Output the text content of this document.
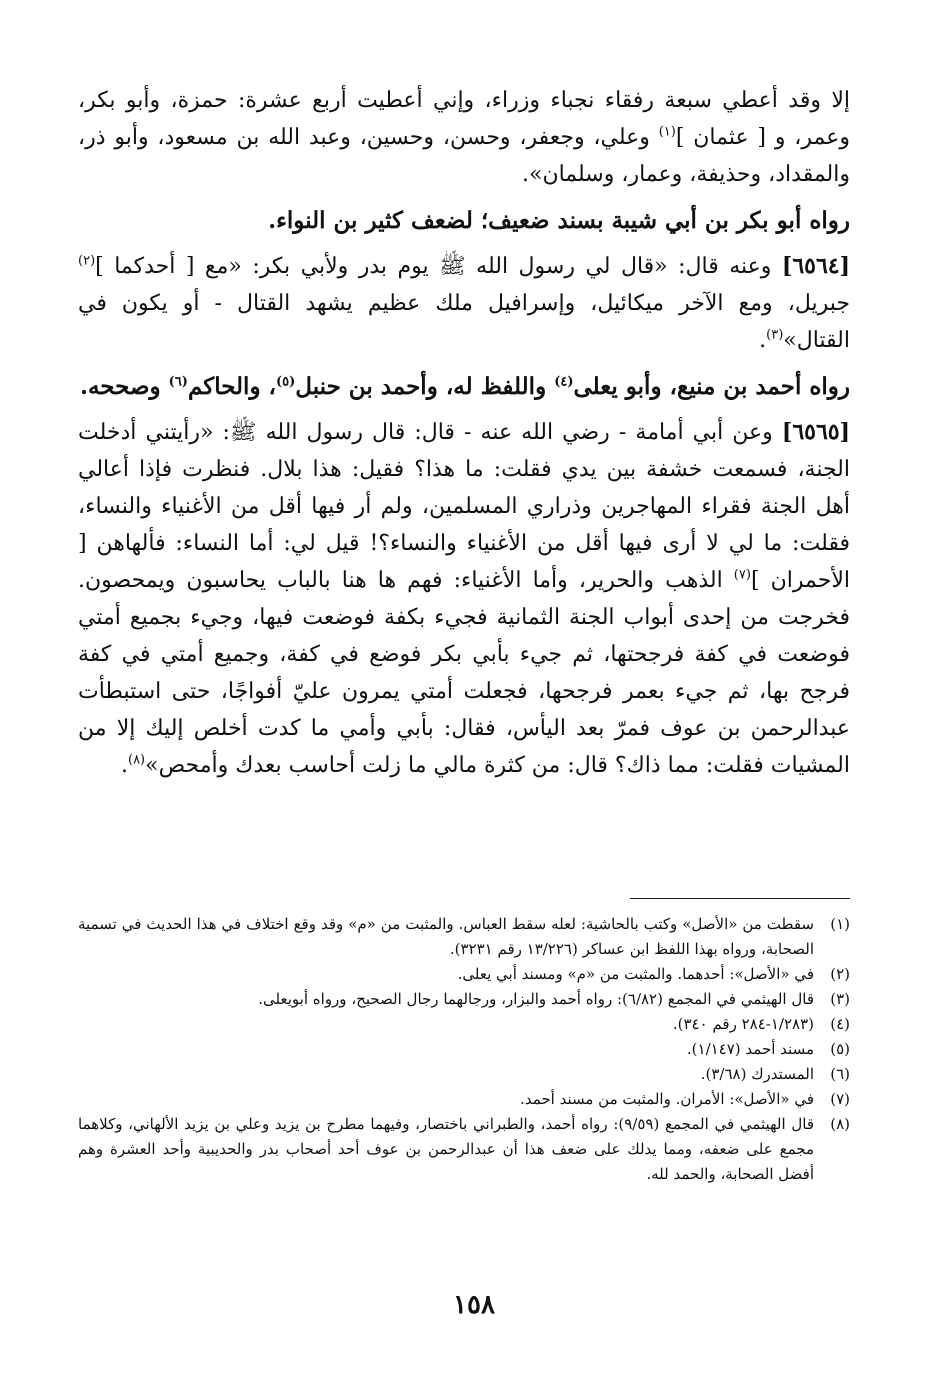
إلا وقد أعطي سبعة رفقاء نجباء وزراء، وإني أعطيت أربع عشرة: حمزة، وأبو بكر، وعمر، و [ عثمان ]$^{(١)}$ وعلي، وجعفر، وحسن، وحسين، وعبد الله بن مسعود، وأبو ذر، والمقداد، وحذيفة، وعمار، وسلمان».

رواه أبو بكر بن أبي شيبة بسند ضعيف؛ لضعف كثير بن النواء.

[٦٥٦٤] وعنه قال: «قال لي رسول الله ﷺ يوم بدر ولأبي بكر: «مع [ أحدكما ]$^{(٢)}$ جبريل، ومع الآخر ميكائيل، وإسرافيل ملك عظيم يشهد القتال - أو يكون في القتال»$^{(٣)}$.

رواه أحمد بن منيع، وأبو يعلى$^{(٤)}$ واللفظ له، وأحمد بن حنبل$^{(٥)}$، والحاكم$^{(٦)}$ وصححه.

[٦٥٦٥] وعن أبي أمامة - رضي الله عنه - قال: قال رسول الله ﷺ: «رأيتني أدخلت الجنة، فسمعت خشفة بين يدي فقلت: ما هذا؟ فقيل: هذا بلال. فنظرت فإذا أعالي أهل الجنة فقراء المهاجرين وذراري المسلمين، ولم أر فيها أقل من الأغنياء والنساء، فقلت: ما لي لا أرى فيها أقل من الأغنياء والنساء؟! قيل لي: أما النساء: فألهاهن [ الأحمران ]$^{(٧)}$ الذهب والحرير، وأما الأغنياء: فهم ها هنا بالباب يحاسبون ويمحصون. فخرجت من إحدى أبواب الجنة الثمانية فجيء بكفة فوضعت فيها، وجيء بجميع أمتي فوضعت في كفة فرجحتها، ثم جيء بأبي بكر فوضع في كفة، وجميع أمتي في كفة فرجح بها، ثم جيء بعمر فرجحها، فجعلت أمتي يمرون عليّ أفواجًا، حتى استبطأت عبدالرحمن بن عوف فمرّ بعد اليأس، فقال: بأبي وأمي ما كدت أخلص إليك إلا من المشيات فقلت: مما ذاك؟ قال: من كثرة مالي ما زلت أحاسب بعدك وأمحص»$^{(٨)}$.

(١)
سقطت من «الأصل» وكتب بالحاشية: لعله سقط العباس. والمثبت من «م» وقد وقع اختلاف في هذا الحديث في تسمية الصحابة، ورواه بهذا اللفظ ابن عساكر (١٣/٢٢٦ رقم ٣٢٣١).
(٢)
في «الأصل»: أحدهما. والمثبت من «م» ومسند أبي يعلى.
(٣)
قال الهيثمي في المجمع (٦/٨٢): رواه أحمد والبزار، ورجالهما رجال الصحيح، ورواه أبويعلى.
(٤)
(١/٢٨٣-٢٨٤ رقم ٣٤٠).
(٥)
مسند أحمد (١/١٤٧).
(٦)
المستدرك (٣/٦٨).
(٧)
في «الأصل»: الأمران. والمثبت من مسند أحمد.
(٨)
قال الهيثمي في المجمع (٩/٥٩): رواه أحمد، والطبراني باختصار، وفيهما مطرح بن يزيد وعلي بن يزيد الألهاني، وكلاهما مجمع على ضعفه، ومما يدلك على ضعف هذا أن عبدالرحمن بن عوف أحد أصحاب بدر والحديبية وأحد العشرة وهم أفضل الصحابة، والحمد لله.
١٥٨
